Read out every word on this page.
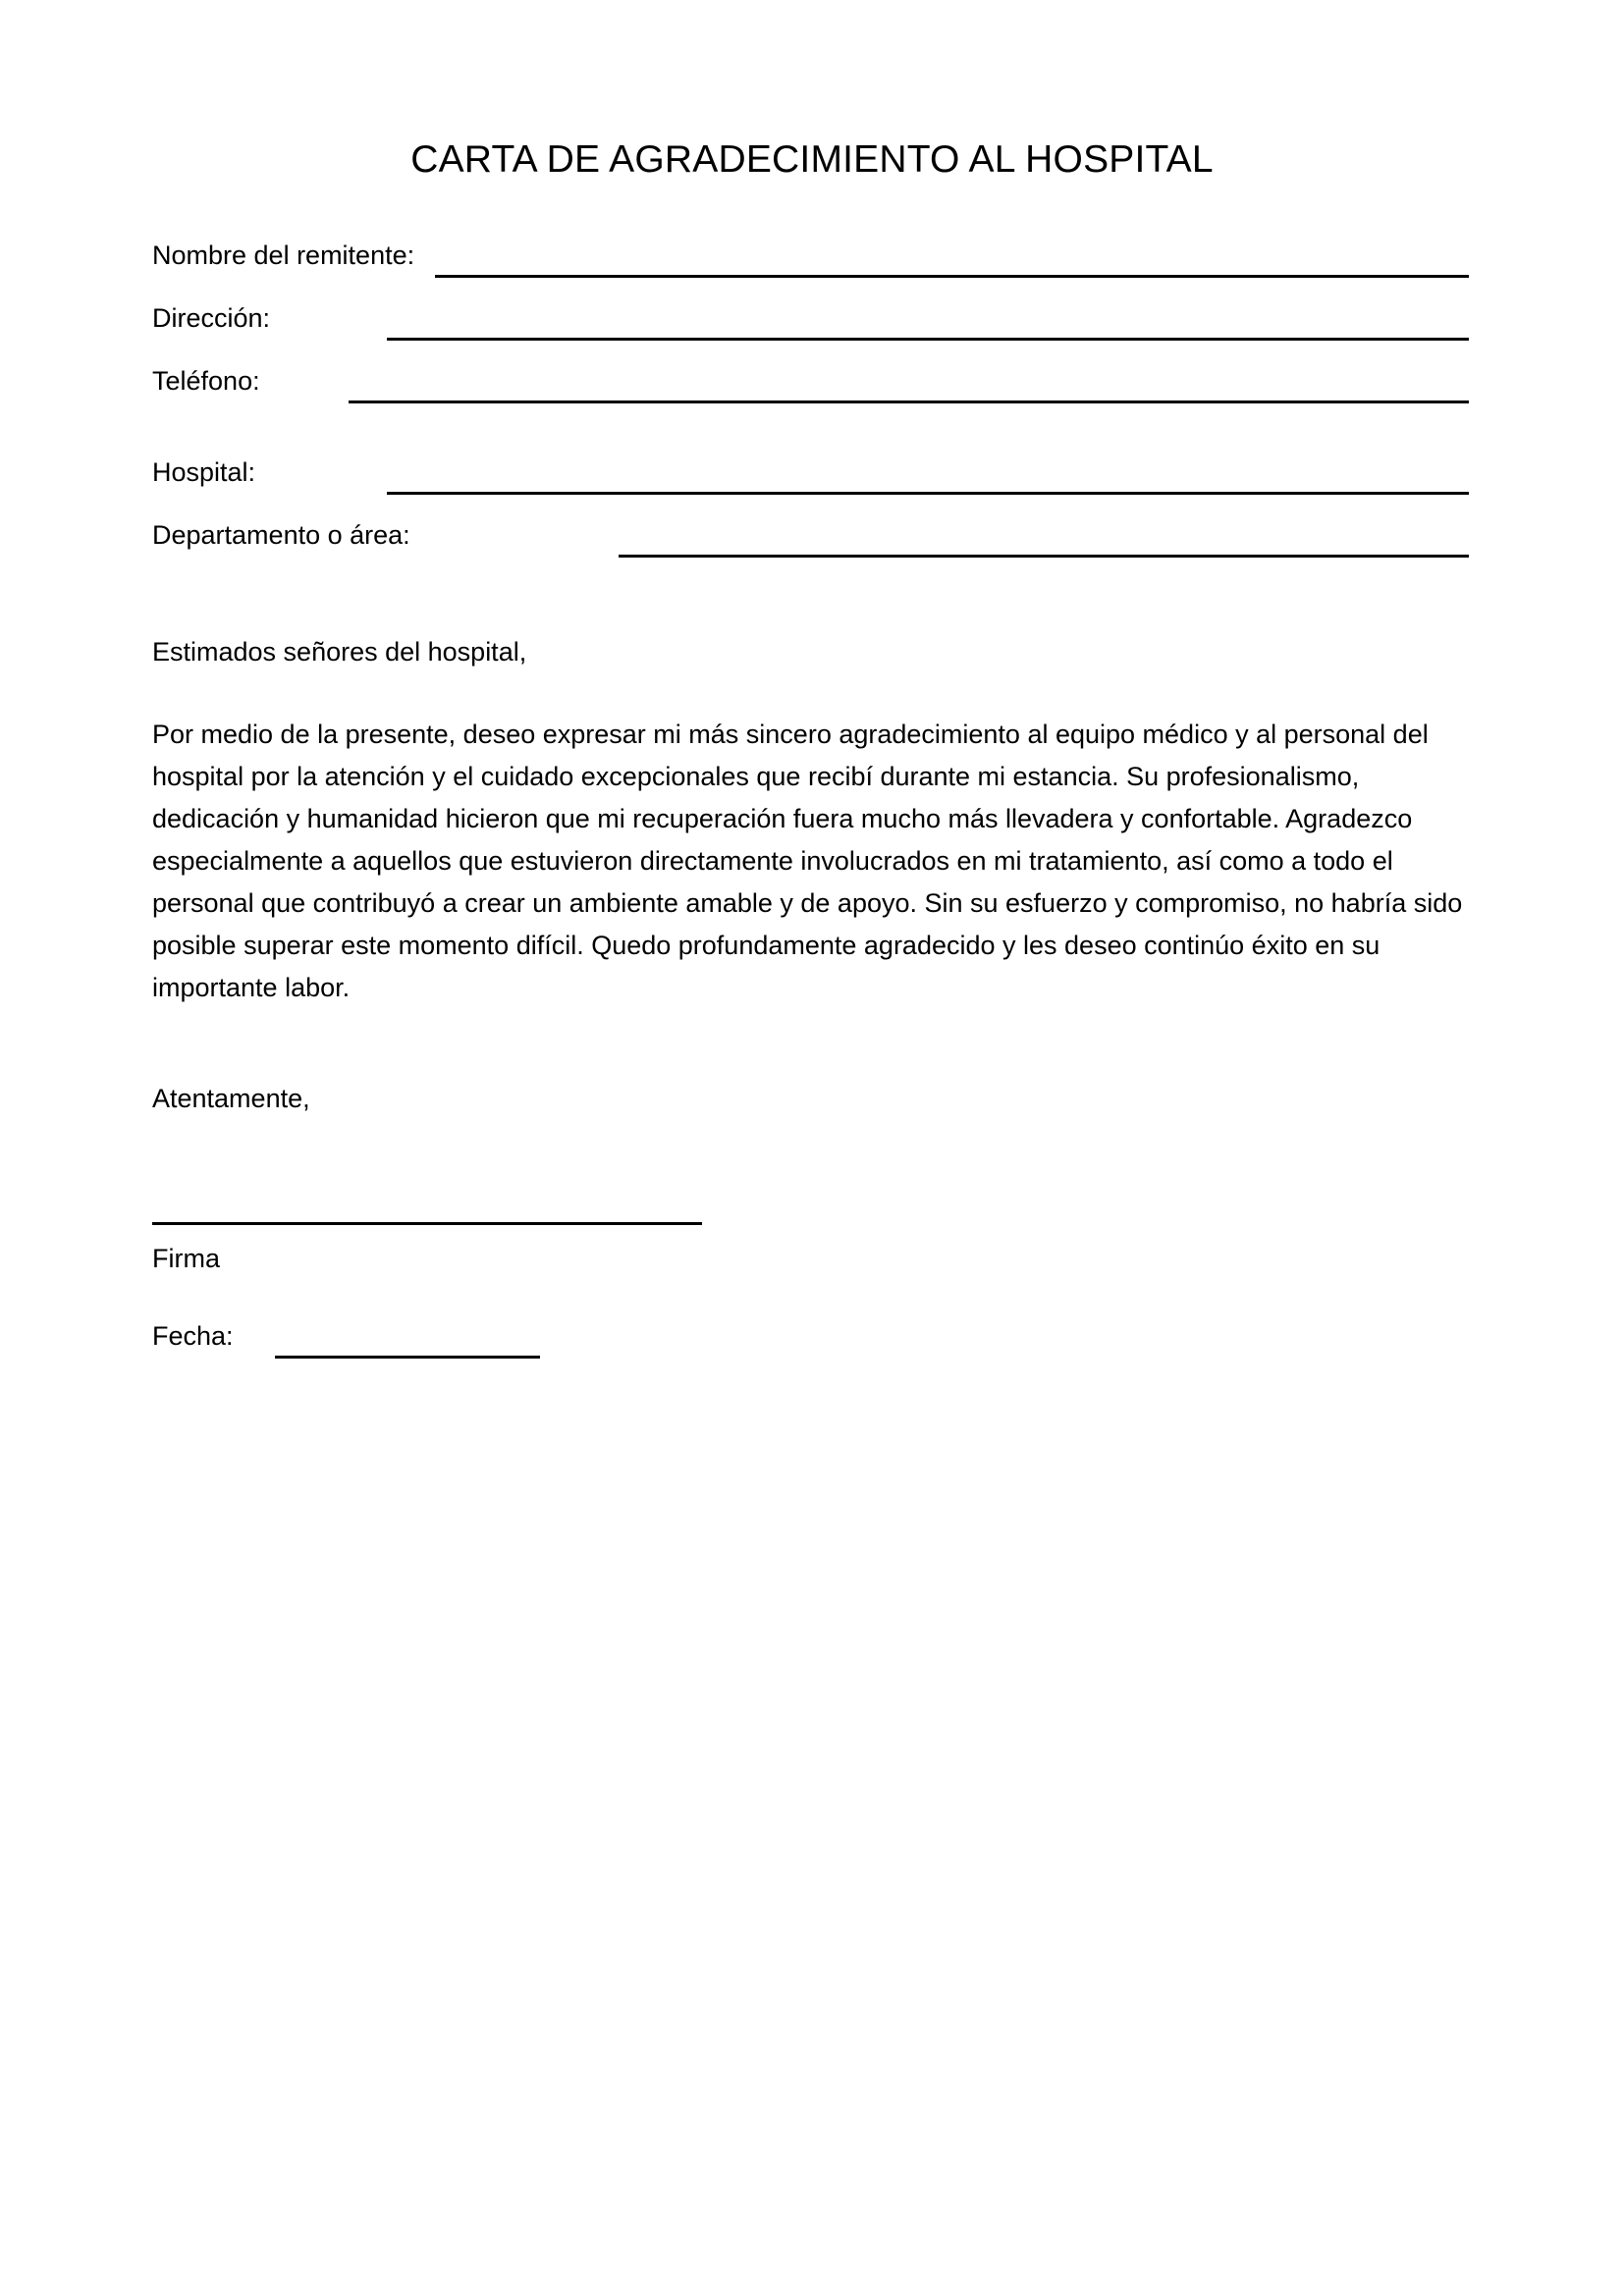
CARTA DE AGRADECIMIENTO AL HOSPITAL
Nombre del remitente:
Dirección:
Teléfono:
Hospital:
Departamento o área:

Estimados señores del hospital,

Por medio de la presente, deseo expresar mi más sincero agradecimiento al equipo médico y al personal del hospital por la atención y el cuidado excepcionales que recibí durante mi estancia. Su profesionalismo, dedicación y humanidad hicieron que mi recuperación fuera mucho más llevadera y confortable. Agradezco especialmente a aquellos que estuvieron directamente involucrados en mi tratamiento, así como a todo el personal que contribuyó a crear un ambiente amable y de apoyo. Sin su esfuerzo y compromiso, no habría sido posible superar este momento difícil. Quedo profundamente agradecido y les deseo continúo éxito en su importante labor.

Atentamente,

Firma
Fecha:
